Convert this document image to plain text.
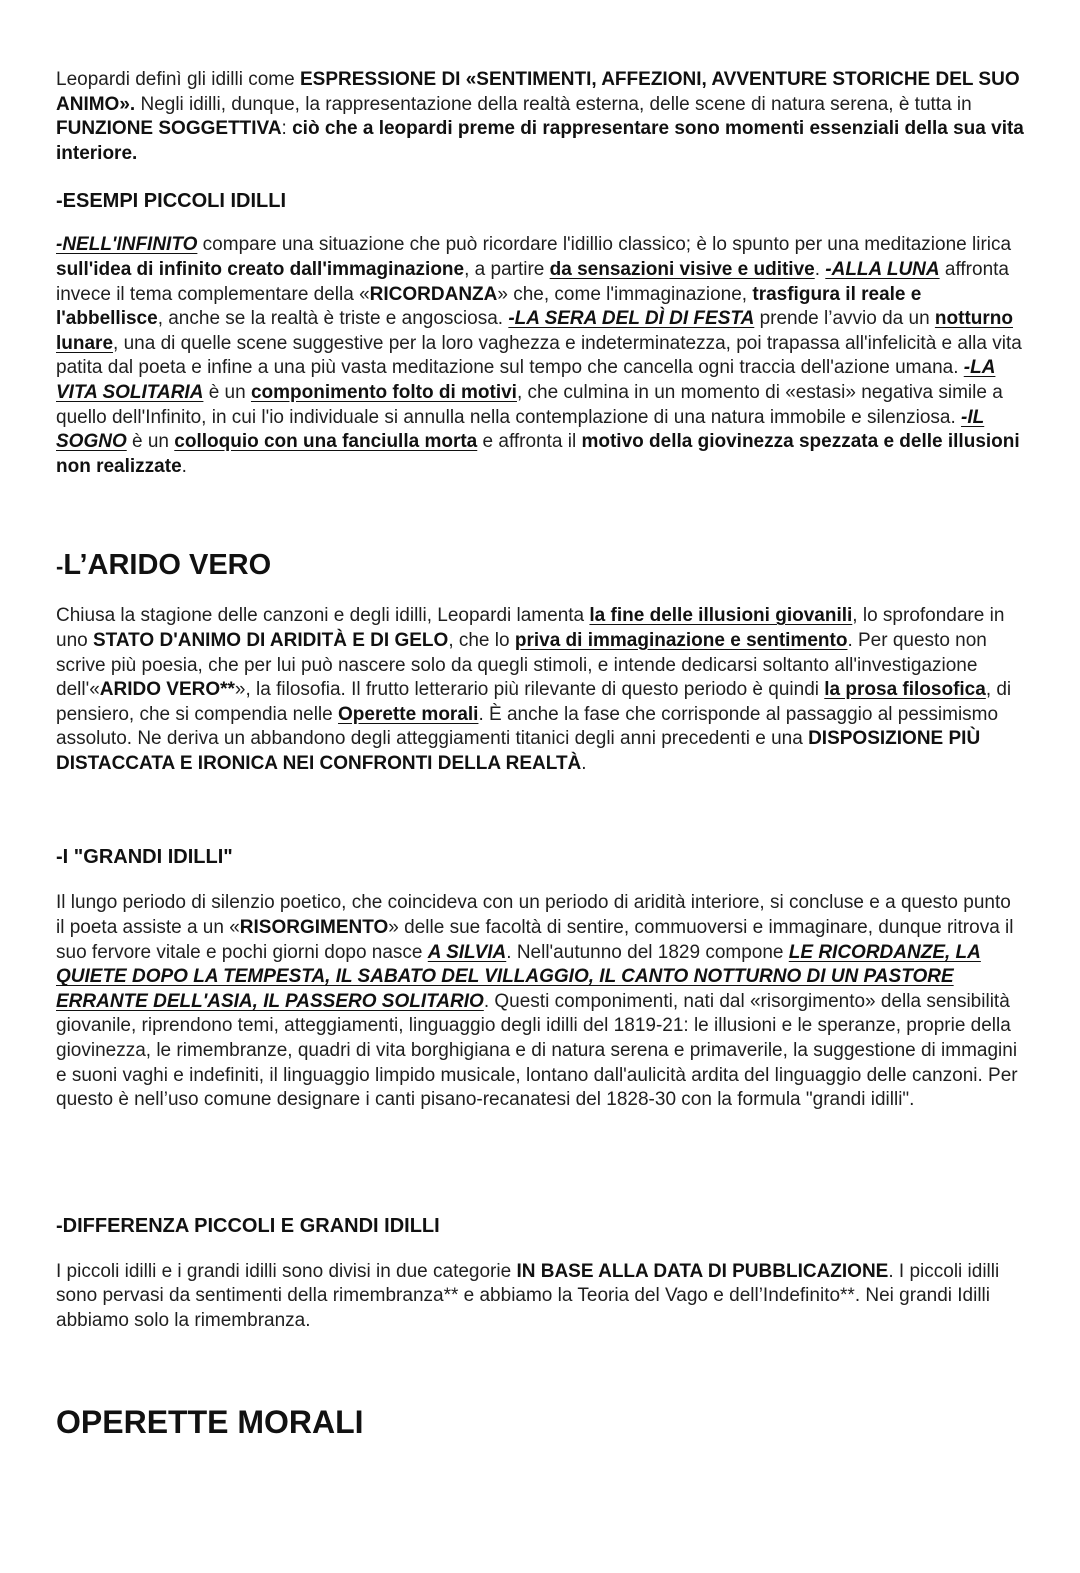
Leopardi definì gli idilli come ESPRESSIONE DI «SENTIMENTI, AFFEZIONI, AVVENTURE STORICHE DEL SUO ANIMO». Negli idilli, dunque, la rappresentazione della realtà esterna, delle scene di natura serena, è tutta in FUNZIONE SOGGETTIVA: ciò che a leopardi preme di rappresentare sono momenti essenziali della sua vita interiore.

-ESEMPI PICCOLI IDILLI

-NELL'INFINITO compare una situazione che può ricordare l'idillio classico; è lo spunto per una meditazione lirica sull'idea di infinito creato dall'immaginazione, a partire da sensazioni visive e uditive. -ALLA LUNA affronta invece il tema complementare della «RICORDANZA» che, come l'immaginazione, trasfigura il reale e l'abbellisce, anche se la realtà è triste e angosciosa. -LA SERA DEL DÌ DI FESTA prende l’avvio da un notturno lunare, una di quelle scene suggestive per la loro vaghezza e indeterminatezza, poi trapassa all'infelicità e alla vita patita dal poeta e infine a una più vasta meditazione sul tempo che cancella ogni traccia dell'azione umana. -LA VITA SOLITARIA è un componimento folto di motivi, che culmina in un momento di «estasi» negativa simile a quello dell'Infinito, in cui l'io individuale si annulla nella contemplazione di una natura immobile e silenziosa. -IL SOGNO è un colloquio con una fanciulla morta e affronta il motivo della giovinezza spezzata e delle illusioni non realizzate.

-L’ARIDO VERO

Chiusa la stagione delle canzoni e degli idilli, Leopardi lamenta la fine delle illusioni giovanili, lo sprofondare in uno STATO D'ANIMO DI ARIDITÀ E DI GELO, che lo priva di immaginazione e sentimento. Per questo non scrive più poesia, che per lui può nascere solo da quegli stimoli, e intende dedicarsi soltanto all'investigazione dell'«ARIDO VERO**», la filosofia. Il frutto letterario più rilevante di questo periodo è quindi la prosa filosofica, di pensiero, che si compendia nelle Operette morali. È anche la fase che corrisponde al passaggio al pessimismo assoluto. Ne deriva un abbandono degli atteggiamenti titanici degli anni precedenti e una DISPOSIZIONE PIÙ DISTACCATA E IRONICA NEI CONFRONTI DELLA REALTÀ.

-I "GRANDI IDILLI"

Il lungo periodo di silenzio poetico, che coincideva con un periodo di aridità interiore, si concluse e a questo punto il poeta assiste a un «RISORGIMENTO» delle sue facoltà di sentire, commuoversi e immaginare, dunque ritrova il suo fervore vitale e pochi giorni dopo nasce A SILVIA. Nell'autunno del 1829 compone LE RICORDANZE, LA QUIETE DOPO LA TEMPESTA, IL SABATO DEL VILLAGGIO, IL CANTO NOTTURNO DI UN PASTORE ERRANTE DELL'ASIA, IL PASSERO SOLITARIO. Questi componimenti, nati dal «risorgimento» della sensibilità giovanile, riprendono temi, atteggiamenti, linguaggio degli idilli del 1819-21: le illusioni e le speranze, proprie della giovinezza, le rimembranze, quadri di vita borghigiana e di natura serena e primaverile, la suggestione di immagini e suoni vaghi e indefiniti, il linguaggio limpido musicale, lontano dall'aulicità ardita del linguaggio delle canzoni. Per questo è nell’uso comune designare i canti pisano-recanatesi del 1828-30 con la formula "grandi idilli".

-DIFFERENZA PICCOLI E GRANDI IDILLI

I piccoli idilli e i grandi idilli sono divisi in due categorie IN BASE ALLA DATA DI PUBBLICAZIONE. I piccoli idilli sono pervasi da sentimenti della rimembranza** e abbiamo la Teoria del Vago e dell’Indefinito**. Nei grandi Idilli abbiamo solo la rimembranza.

OPERETTE MORALI
